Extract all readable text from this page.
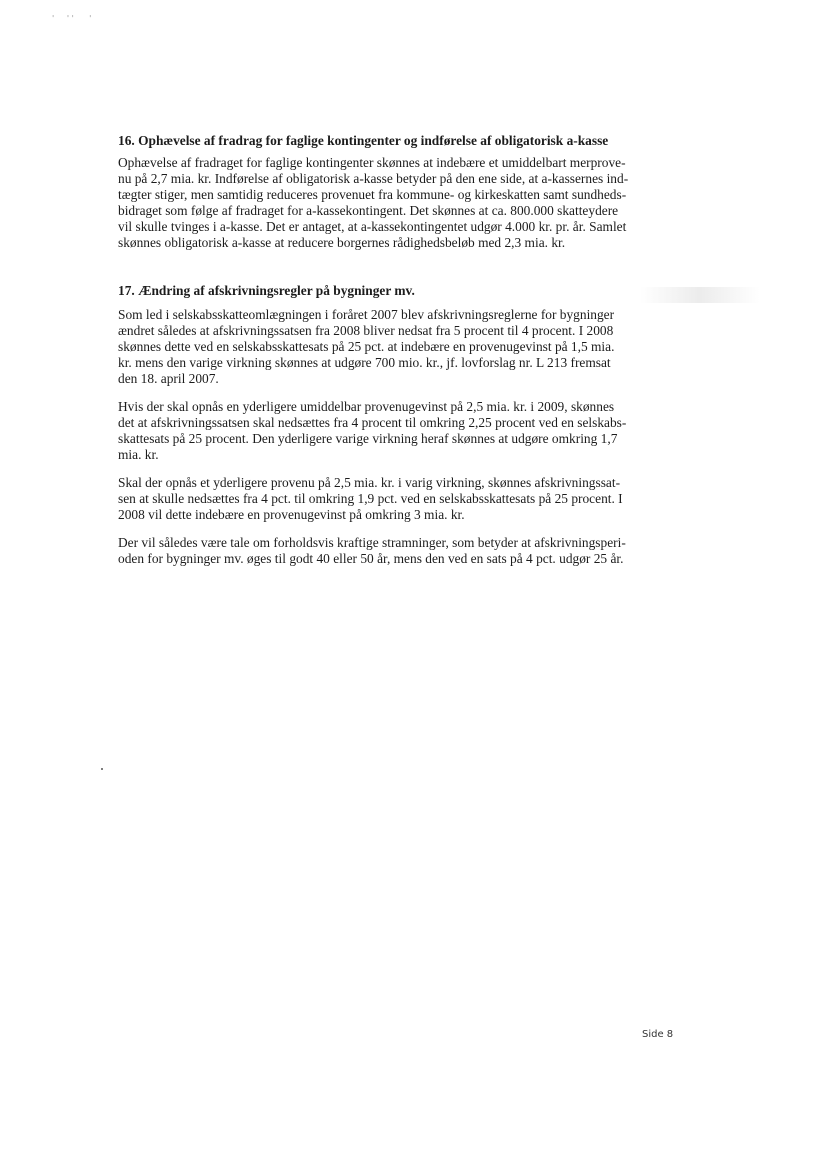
'     ' '      '
16. Ophævelse af fradrag for faglige kontingenter og indførelse af obligatorisk a-kasse
Ophævelse af fradraget for faglige kontingenter skønnes at indebære et umiddelbart merprove-
nu på 2,7 mia. kr. Indførelse af obligatorisk a-kasse betyder på den ene side, at a-kassernes ind-
tægter stiger, men samtidig reduceres provenuet fra kommune- og kirkeskatten samt sundheds-
bidraget som følge af fradraget for a-kassekontingent. Det skønnes at ca. 800.000 skatteydere
vil skulle tvinges i a-kasse. Det er antaget, at a-kassekontingentet udgør 4.000 kr. pr. år. Samlet
skønnes obligatorisk a-kasse at reducere borgernes rådighedsbeløb med 2,3 mia. kr.
17. Ændring af afskrivningsregler på bygninger mv.
Som led i selskabsskatteomlægningen i foråret 2007 blev afskrivningsreglerne for bygninger
ændret således at afskrivningssatsen fra 2008 bliver nedsat fra 5 procent til 4 procent. I 2008
skønnes dette ved en selskabsskattesats på 25 pct. at indebære en provenugevinst på 1,5 mia.
kr. mens den varige virkning skønnes at udgøre 700 mio. kr., jf. lovforslag nr. L 213 fremsat
den 18. april 2007.
Hvis der skal opnås en yderligere umiddelbar provenugevinst på 2,5 mia. kr. i 2009, skønnes
det at afskrivningssatsen skal nedsættes fra 4 procent til omkring 2,25 procent ved en selskabs-
skattesats på 25 procent. Den yderligere varige virkning heraf skønnes at udgøre omkring 1,7
mia. kr.
Skal der opnås et yderligere provenu på 2,5 mia. kr. i varig virkning, skønnes afskrivningssat-
sen at skulle nedsættes fra 4 pct. til omkring 1,9 pct. ved en selskabsskattesats på 25 procent. I
2008 vil dette indebære en provenugevinst på omkring 3 mia. kr.
Der vil således være tale om forholdsvis kraftige stramninger, som betyder at afskrivningsperi-
oden for bygninger mv. øges til godt 40 eller 50 år, mens den ved en sats på 4 pct. udgør 25 år.
Side 8
